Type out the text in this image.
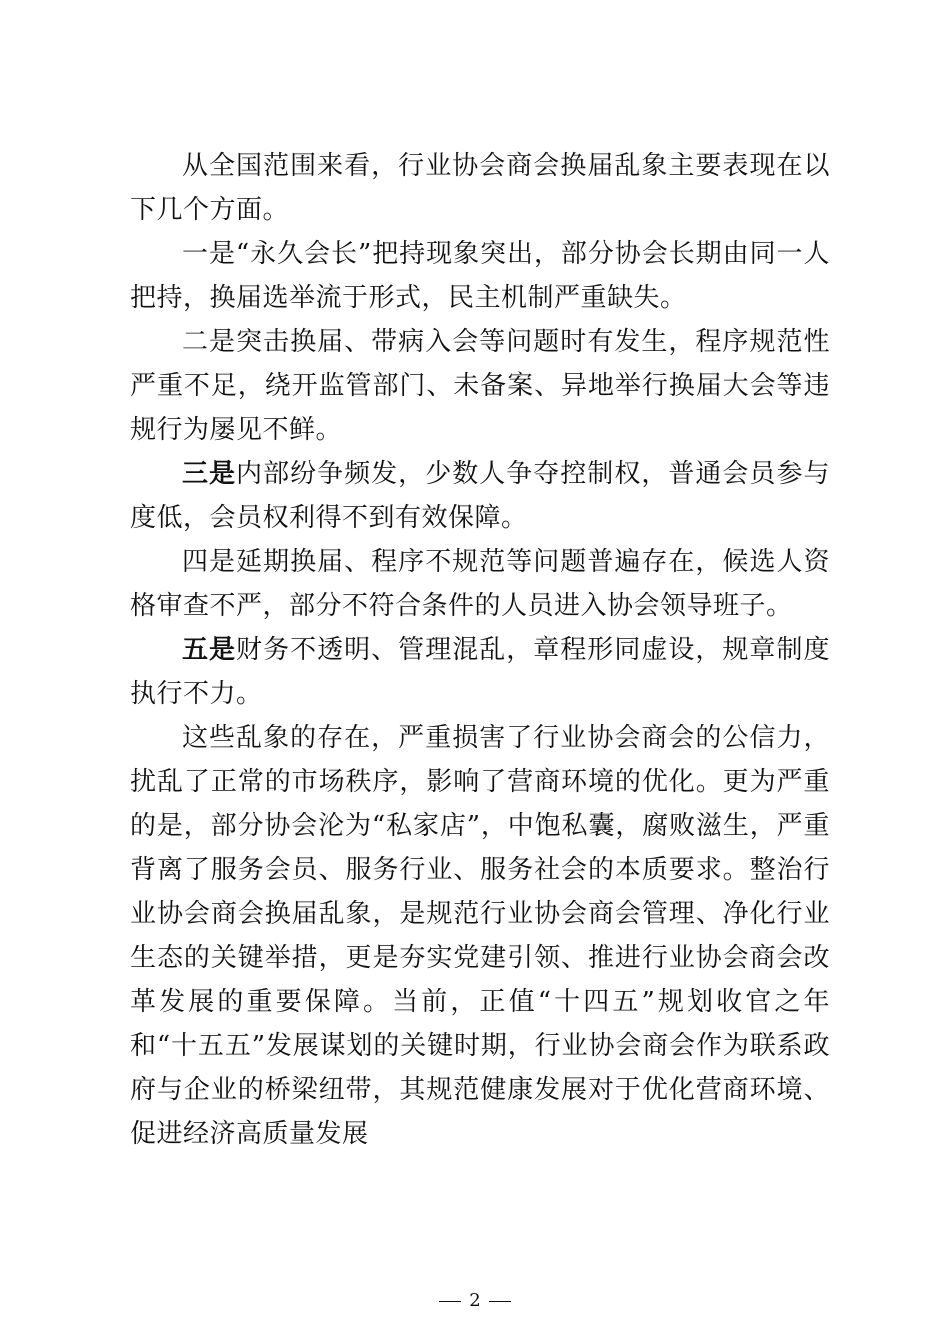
从全国范围来看，行业协会商会换届乱象主要表现在以下几个方面。

一是“永久会长”把持现象突出，部分协会长期由同一人把持，换届选举流于形式，民主机制严重缺失。

二是突击换届、带病入会等问题时有发生，程序规范性严重不足，绕开监管部门、未备案、异地举行换届大会等违规行为屡见不鲜。

三是内部纷争频发，少数人争夺控制权，普通会员参与度低，会员权利得不到有效保障。

四是延期换届、程序不规范等问题普遍存在，候选人资格审查不严，部分不符合条件的人员进入协会领导班子。

五是财务不透明、管理混乱，章程形同虚设，规章制度执行不力。

这些乱象的存在，严重损害了行业协会商会的公信力，扰乱了正常的市场秩序，影响了营商环境的优化。更为严重的是，部分协会沦为“私家店”，中饱私囊，腐败滋生，严重背离了服务会员、服务行业、服务社会的本质要求。整治行业协会商会换届乱象，是规范行业协会商会管理、净化行业生态的关键举措，更是夯实党建引领、推进行业协会商会改革发展的重要保障。当前，正值“十四五”规划收官之年和“十五五”发展谋划的关键时期，行业协会商会作为联系政府与企业的桥梁纽带，其规范健康发展对于优化营商环境、促进经济高质量发展

2
